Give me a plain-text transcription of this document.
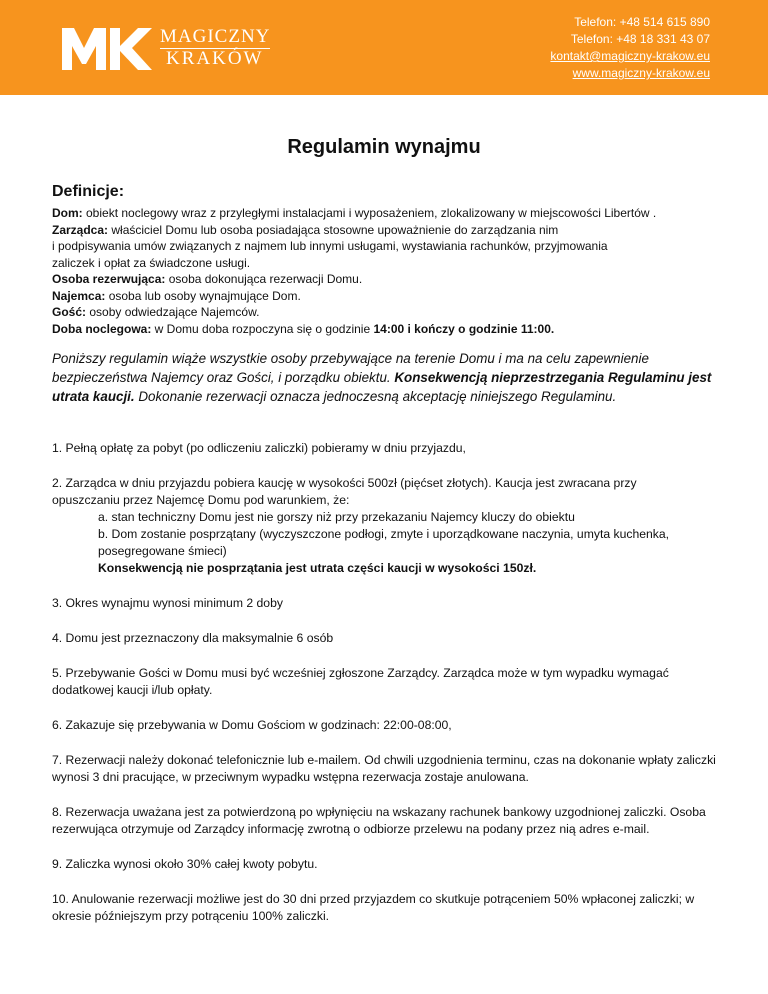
MAGICZNY
KRAKÓW
Telefon: +48 514 615 890
Telefon: +48 18 331 43 07
kontakt@magiczny-krakow.eu
www.magiczny-krakow.eu
Regulamin wynajmu
Definicje:
Dom: obiekt noclegowy wraz z przyległymi instalacjami i wyposażeniem, zlokalizowany w miejscowości Libertów .
Zarządca: właściciel Domu lub osoba posiadająca stosowne upoważnienie do zarządzania nim
i podpisywania umów związanych z najmem lub innymi usługami, wystawiania rachunków, przyjmowania
zaliczek i opłat za świadczone usługi.
Osoba rezerwująca: osoba dokonująca rezerwacji Domu.
Najemca: osoba lub osoby wynajmujące Dom.
Gość: osoby odwiedzające Najemców.
Doba noclegowa: w Domu doba rozpoczyna się o godzinie 14:00 i kończy o godzinie 11:00.
Poniższy regulamin wiąże wszystkie osoby przebywające na terenie Domu i ma na celu zapewnienie bezpieczeństwa Najemcy oraz Gości, i porządku obiektu. Konsekwencją nieprzestrzegania Regulaminu jest utrata kaucji. Dokonanie rezerwacji oznacza jednoczesną akceptację niniejszego Regulaminu.
1. Pełną opłatę za pobyt (po odliczeniu zaliczki) pobieramy w dniu przyjazdu,
2. Zarządca w dniu przyjazdu pobiera kaucję w wysokości 500zł (pięćset złotych). Kaucja jest zwracana przy
opuszczaniu przez Najemcę Domu pod warunkiem, że:
a. stan techniczny Domu jest nie gorszy niż przy przekazaniu Najemcy kluczy do obiektu
b. Dom zostanie posprzątany (wyczyszczone podłogi, zmyte i uporządkowane naczynia, umyta kuchenka,
posegregowane śmieci)
Konsekwencją nie posprzątania jest utrata części kaucji w wysokości 150zł.
3. Okres wynajmu wynosi minimum 2 doby
4. Domu jest przeznaczony dla maksymalnie 6 osób
5. Przebywanie Gości w Domu musi być wcześniej zgłoszone Zarządcy. Zarządca może w tym wypadku wymagać dodatkowej kaucji i/lub opłaty.
6. Zakazuje się przebywania w Domu Gościom w godzinach: 22:00-08:00,
7. Rezerwacji należy dokonać telefonicznie lub e-mailem. Od chwili uzgodnienia terminu, czas na dokonanie wpłaty zaliczki wynosi 3 dni pracujące, w przeciwnym wypadku wstępna rezerwacja zostaje anulowana.
8. Rezerwacja uważana jest za potwierdzoną po wpłynięciu na wskazany rachunek bankowy uzgodnionej zaliczki. Osoba rezerwująca otrzymuje od Zarządcy informację zwrotną o odbiorze przelewu na podany przez nią adres e-mail.
9. Zaliczka wynosi około 30% całej kwoty pobytu.
10. Anulowanie rezerwacji możliwe jest do 30 dni przed przyjazdem co skutkuje potrąceniem 50% wpłaconej zaliczki; w okresie późniejszym przy potrąceniu 100% zaliczki.
